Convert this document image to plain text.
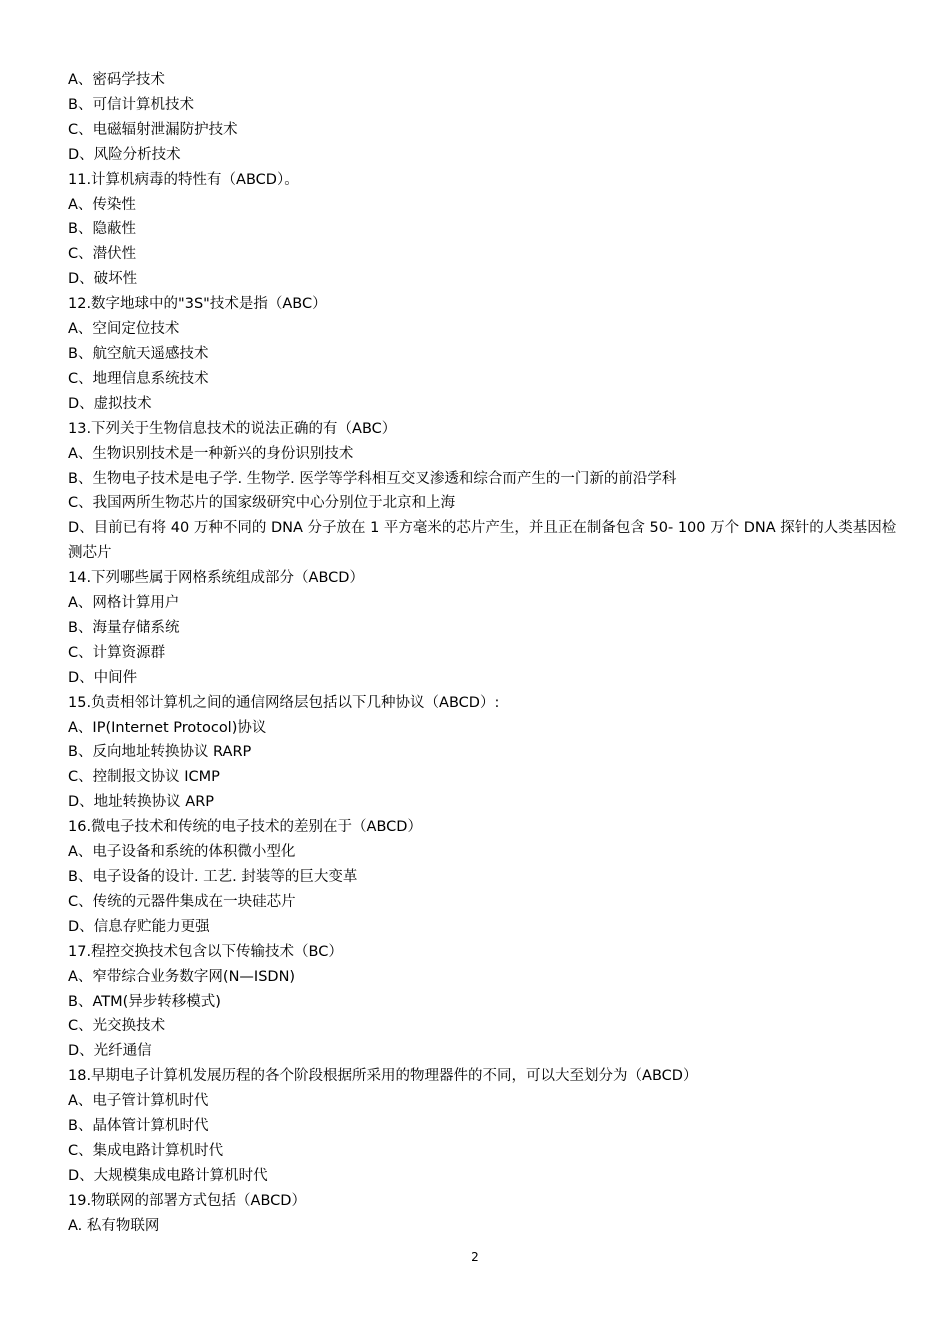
A、密码学技术
B、可信计算机技术
C、电磁辐射泄漏防护技术
D、风险分析技术
11.计算机病毒的特性有（ABCD）。
A、传染性
B、隐蔽性
C、潜伏性
D、破坏性
12.数字地球中的"3S"技术是指（ABC）
A、空间定位技术
B、航空航天遥感技术
C、地理信息系统技术
D、虚拟技术
13.下列关于生物信息技术的说法正确的有（ABC）
A、生物识别技术是一种新兴的身份识别技术
B、生物电子技术是电子学. 生物学. 医学等学科相互交叉渗透和综合而产生的一门新的前沿学科
C、我国两所生物芯片的国家级研究中心分别位于北京和上海
D、目前已有将 40 万种不同的 DNA 分子放在 1 平方毫米的芯片产生，并且正在制备包含 50- 100 万个 DNA 探针的人类基因检测芯片
14.下列哪些属于网格系统组成部分（ABCD）
A、网格计算用户
B、海量存储系统
C、计算资源群
D、中间件
15.负责相邻计算机之间的通信网络层包括以下几种协议（ABCD）:
A、IP(Internet Protocol)协议
B、反向地址转换协议 RARP
C、控制报文协议 ICMP
D、地址转换协议 ARP
16.微电子技术和传统的电子技术的差别在于（ABCD）
A、电子设备和系统的体积微小型化
B、电子设备的设计. 工艺. 封装等的巨大变革
C、传统的元器件集成在一块硅芯片
D、信息存贮能力更强
17.程控交换技术包含以下传输技术（BC）
A、窄带综合业务数字网(N—ISDN)
B、ATM(异步转移模式)
C、光交换技术
D、光纤通信
18.早期电子计算机发展历程的各个阶段根据所采用的物理器件的不同，可以大至划分为（ABCD）
A、电子管计算机时代
B、晶体管计算机时代
C、集成电路计算机时代
D、大规模集成电路计算机时代
19.物联网的部署方式包括（ABCD）
A. 私有物联网
2
